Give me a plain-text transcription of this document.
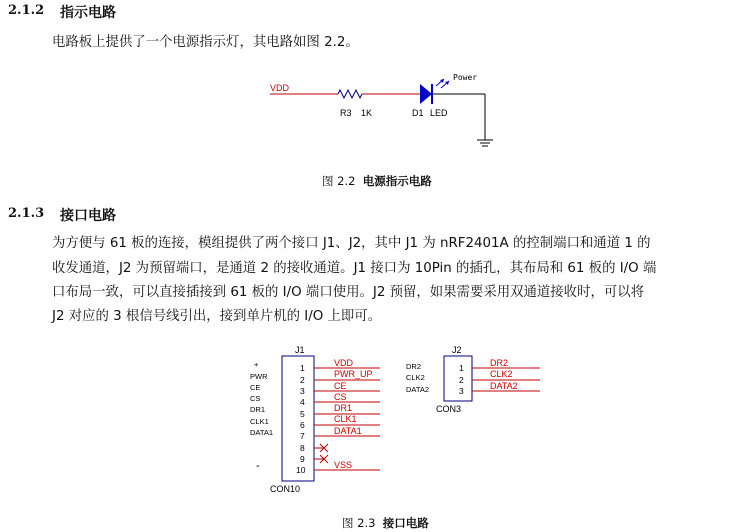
2.1.2 指示电路
电路板上提供了一个电源指示灯，其电路如图 2.2。
VDD
Power
R3 1K	D1 LED
图 2.2 电源指示电路
2.1.3 接口电路
为方便与 61 板的连接，模组提供了两个接口 J1、J2，其中 J1 为 nRF2401A 的控制端口和通道 1 的
收发通道，J2 为预留端口，是通道 2 的接收通道。J1 接口为 10Pin 的插孔，其布局和 61 板的 I/O 端
口布局一致，可以直接插接到 61 板的 I/O 端口使用。J2 预留，如果需要采用双通道接收时，可以将
J2 对应的 3 根信号线引出，接到单片机的 I/O 上即可。
+
PWR
CE
CS
DR1
CLK1
DATA1
-
J1
CON10
1
2
3
4
5
6
7
8
9
10
VDD
PWR_UP
CE
CS
DR1
CLK1
DATA1
VSS
DR2
CLK2
DATA2
J2
CON3
1
2
3
DR2
CLK2
DATA2
图 2.3 接口电路
